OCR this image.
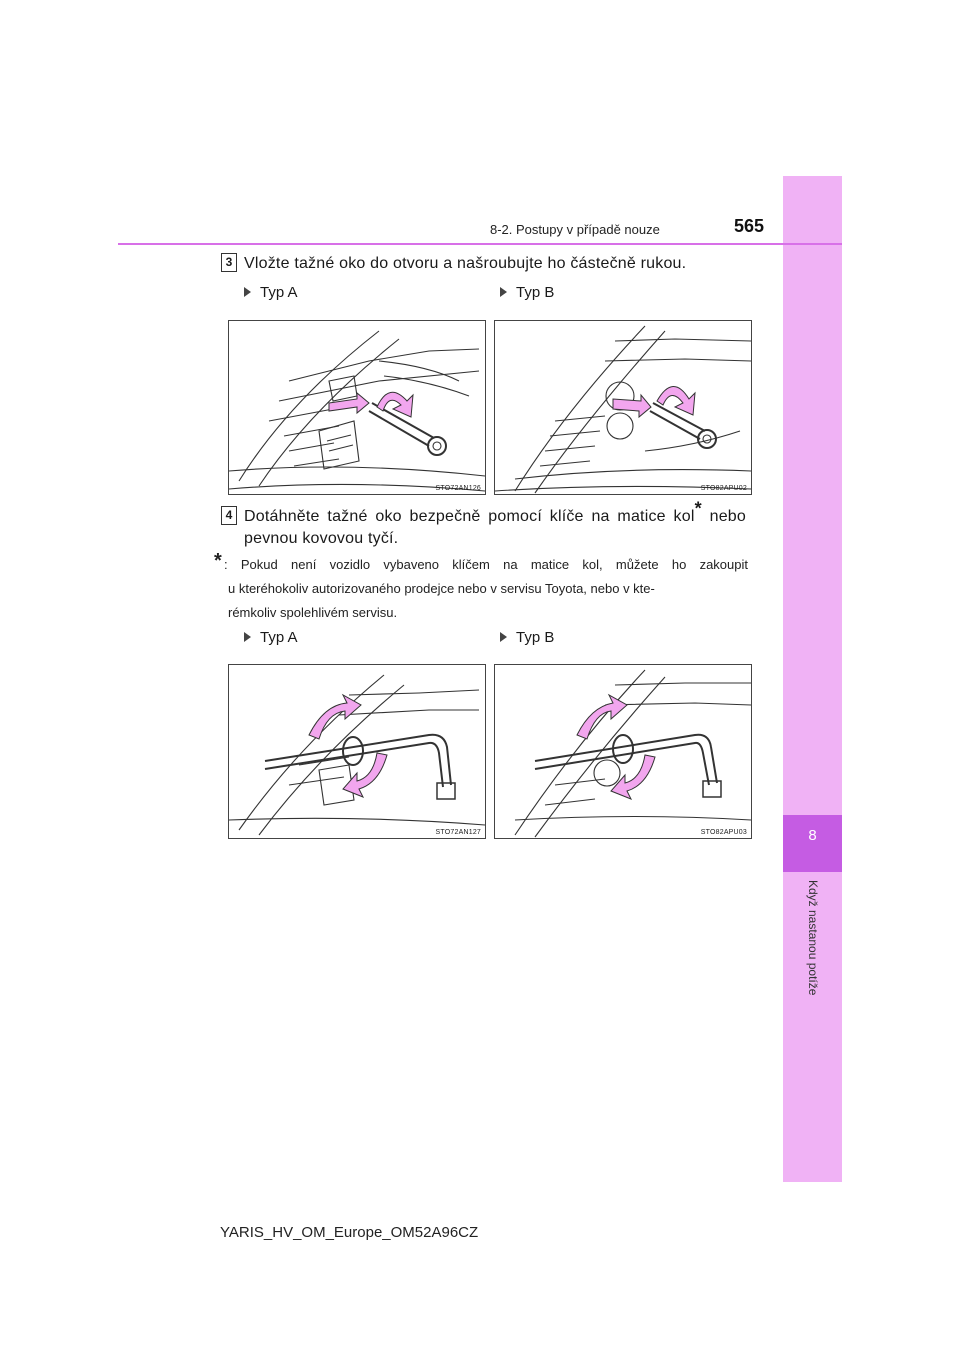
8
Když nastanou potíže
8-2. Postupy v případě nouze	565
3 Vložte tažné oko do otvoru a našroubujte ho částečně rukou.
Typ A	Typ B
STO72AN126	STO82APU02
4 Dotáhněte tažné oko bezpečně pomocí klíče na matice kol* nebo
pevnou kovovou tyčí.
* : Pokud není vozidlo vybaveno klíčem na matice kol, můžete ho zakoupit
u kteréhokoliv autorizovaného prodejce nebo v servisu Toyota, nebo v kte-
rémkoliv spolehlivém servisu.
Typ A	Typ B
STO72AN127	STO82APU03
YARIS_HV_OM_Europe_OM52A96CZ
